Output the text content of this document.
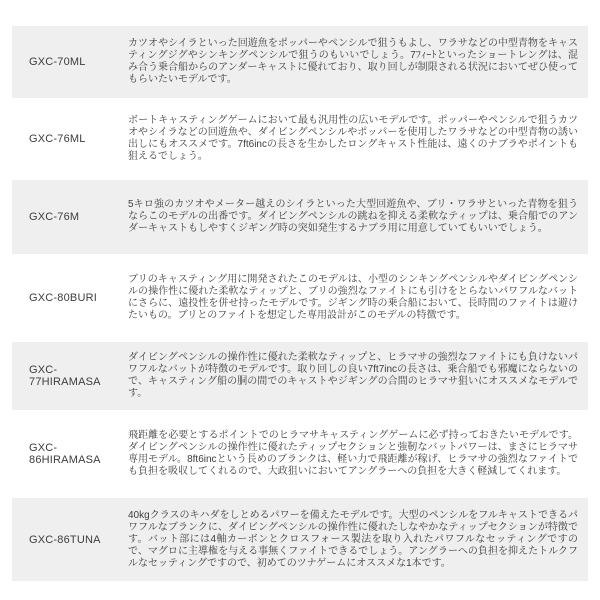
GXC-70ML
カツオやシイラといった回遊魚をポッパーやペンシルで狙うもよし、ワラサなどの中型青物をキャスティングジグやシンキングペンシルで狙うのもいいでしょう。7ﾌｨｰﾄといったショートレングは、混み合う乗合船からのアンダーキャストに優れており、取り回しが制限される状況においてぜひ使ってもらいたいモデルです。
GXC-76ML
ボートキャスティングゲームにおいて最も汎用性の広いモデルです。ポッパーやペンシルで狙うカツオやシイラなどの回遊魚や、ダイビングペンシルやポッパーを使用したワラサなどの中型青物の誘い出しにもオススメです。7ft6incの長さを生かしたロングキャスト性能は、遠くのナブラやポイントも狙えるでしょう。
GXC-76M
5キロ強のカツオやメーター越えのシイラといった大型回遊魚や、ブリ・ワラサといった青物を狙うならこのモデルの出番です。ダイビングペンシルの跳ねを抑える柔軟なティップは、乗合船でのアンダーキャストもしやすくジギング時の突如発生するナブラ用に用意していてもいいでしょう。
GXC-80BURI
ブリのキャスティング用に開発されたこのモデルは、小型のシンキングペンシルやダイビングペンシルの操作性に優れた柔軟なティップと、ブリの強烈なファイトにも引けをとらないパワフルなバットにさらに、遠投性を併せ持ったモデルです。ジギング時の乗合船において、長時間のファイトは避けたいもの。ブリとのファイトを想定した専用設計がこのモデルの特徴です。
GXC-77HIRAMASA
ダイビングペンシルの操作性に優れた柔軟なティップと、ヒラマサの強烈なファイトにも負けないパワフルなバットが特徴のモデルです。取り回しの良い7ft7incの長さは、乗合船でも邪魔にならないので、キャスティング船の胴の間でのキャストやジギングの合間のヒラマサ狙いにオススメなモデルです。
GXC-86HIRAMASA
飛距離を必要とするポイントでのヒラマサキャスティングゲームに必ず持っておきたいモデルです。ダイビングペンシルの操作性に優れたティップセクションと強靭なバットパワーは、まさにヒラマサ専用モデル。8ft6incという長めのブランクは、軽い力で飛距離が稼げ、ヒラマサの強烈なファイトでも負担を吸収してくれるので、大政狙いにおいてアングラーへの負担を大きく軽減してくれます。
GXC-86TUNA
40kgクラスのキハダをしとめるパワーを備えたモデルです。大型のペンシルをフルキャストできるパワフルなブランクに、ダイビングペンシルの操作性に優れたしなやかなティップセクションが特徴です。バット部には4軸カーボンとクロスフォース製法を取り入れたパワフルなセッティングですので、マグロに主導権を与える事無くファイトできるでしょう。アングラーへの負担を抑えたトルクフルなセッティングですので、初めてのツナゲームにオススメな1本です。
